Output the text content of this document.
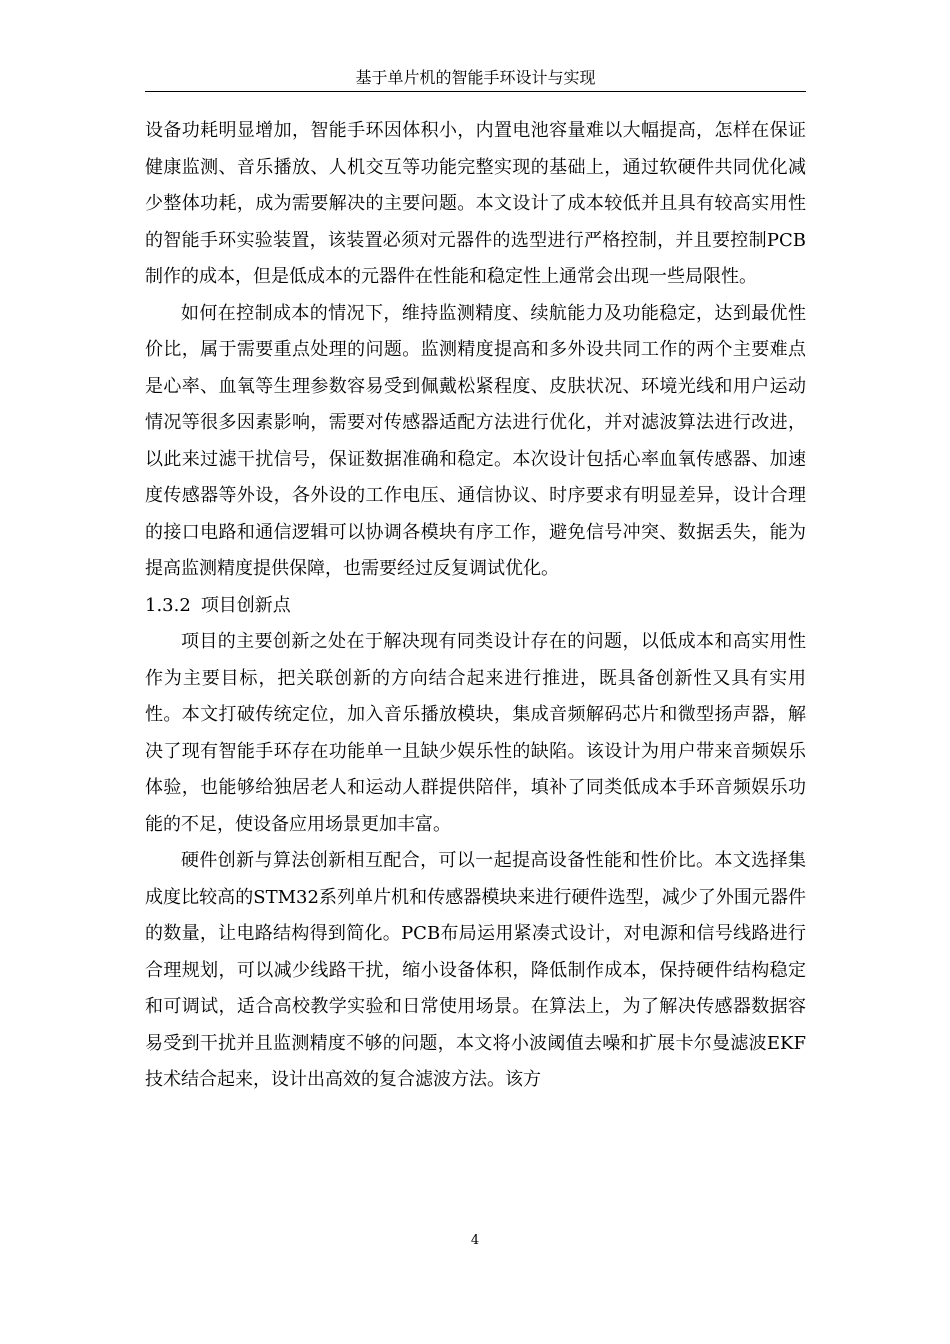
基于单片机的智能手环设计与实现

设备功耗明显增加，智能手环因体积小，内置电池容量难以大幅提高，怎样在保证健康监测、音乐播放、人机交互等功能完整实现的基础上，通过软硬件共同优化减少整体功耗，成为需要解决的主要问题。本文设计了成本较低并且具有较高实用性的智能手环实验装置，该装置必须对元器件的选型进行严格控制，并且要控制PCB制作的成本，但是低成本的元器件在性能和稳定性上通常会出现一些局限性。

如何在控制成本的情况下，维持监测精度、续航能力及功能稳定，达到最优性价比，属于需要重点处理的问题。监测精度提高和多外设共同工作的两个主要难点是心率、血氧等生理参数容易受到佩戴松紧程度、皮肤状况、环境光线和用户运动情况等很多因素影响，需要对传感器适配方法进行优化，并对滤波算法进行改进，以此来过滤干扰信号，保证数据准确和稳定。本次设计包括心率血氧传感器、加速度传感器等外设，各外设的工作电压、通信协议、时序要求有明显差异，设计合理的接口电路和通信逻辑可以协调各模块有序工作，避免信号冲突、数据丢失，能为提高监测精度提供保障，也需要经过反复调试优化。

1.3.2 项目创新点

项目的主要创新之处在于解决现有同类设计存在的问题，以低成本和高实用性作为主要目标，把关联创新的方向结合起来进行推进，既具备创新性又具有实用性。本文打破传统定位，加入音乐播放模块，集成音频解码芯片和微型扬声器，解决了现有智能手环存在功能单一且缺少娱乐性的缺陷。该设计为用户带来音频娱乐体验，也能够给独居老人和运动人群提供陪伴，填补了同类低成本手环音频娱乐功能的不足，使设备应用场景更加丰富。

硬件创新与算法创新相互配合，可以一起提高设备性能和性价比。本文选择集成度比较高的STM32系列单片机和传感器模块来进行硬件选型，减少了外围元器件的数量，让电路结构得到简化。PCB布局运用紧凑式设计，对电源和信号线路进行合理规划，可以减少线路干扰，缩小设备体积，降低制作成本，保持硬件结构稳定和可调试，适合高校教学实验和日常使用场景。在算法上，为了解决传感器数据容易受到干扰并且监测精度不够的问题，本文将小波阈值去噪和扩展卡尔曼滤波EKF技术结合起来，设计出高效的复合滤波方法。该方

4
